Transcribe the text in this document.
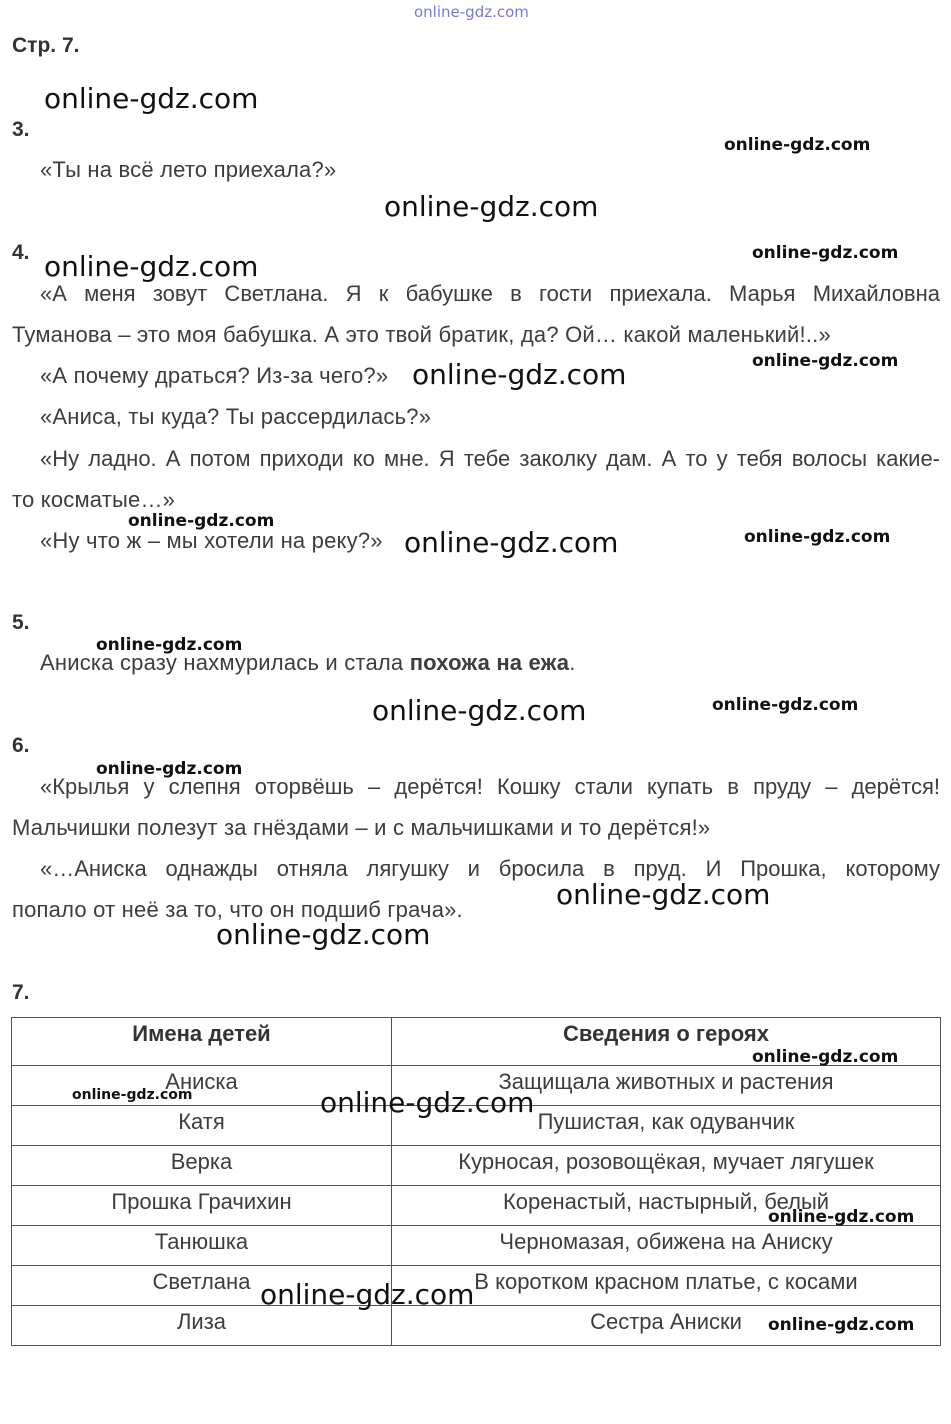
online-gdz.com
Стр. 7.
3.
«Ты на всё лето приехала?»
4.
«А меня зовут Светлана. Я к бабушке в гости приехала. Марья Михайловна
Туманова – это моя бабушка. А это твой братик, да? Ой… какой маленький!..»
«А почему драться? Из-за чего?»
«Аниса, ты куда? Ты рассердилась?»
«Ну ладно. А потом приходи ко мне. Я тебе заколку дам. А то у тебя волосы какие-
то косматые…»
«Ну что ж – мы хотели на реку?»
5.
Аниска сразу нахмурилась и стала похожа на ежа.
6.
«Крылья у слепня оторвёшь – дерётся! Кошку стали купать в пруду – дерётся!
Мальчишки полезут за гнёздами – и с мальчишками и то дерётся!»
«…Аниска однажды отняла лягушку и бросила в пруд. И Прошка, которому
попало от неё за то, что он подшиб грача».
7.
Имена детей	Сведения о героях
Аниска	Защищала животных и растения
Катя	Пушистая, как одуванчик
Верка	Курносая, розовощёкая, мучает лягушек
Прошка Грачихин	Коренастый, настырный, белый
Танюшка	Черномазая, обижена на Аниску
Светлана	В коротком красном платье, с косами
Лиза	Сестра Аниски
online-gdz.com
online-gdz.com
online-gdz.com
online-gdz.com	online-gdz.com
online-gdz.com
online-gdz.com
online-gdz.com
online-gdz.com	online-gdz.com
online-gdz.com
online-gdz.com	online-gdz.com
online-gdz.com
online-gdz.com
online-gdz.com
online-gdz.com
online-gdz.com	online-gdz.com
online-gdz.com
online-gdz.com
online-gdz.com
